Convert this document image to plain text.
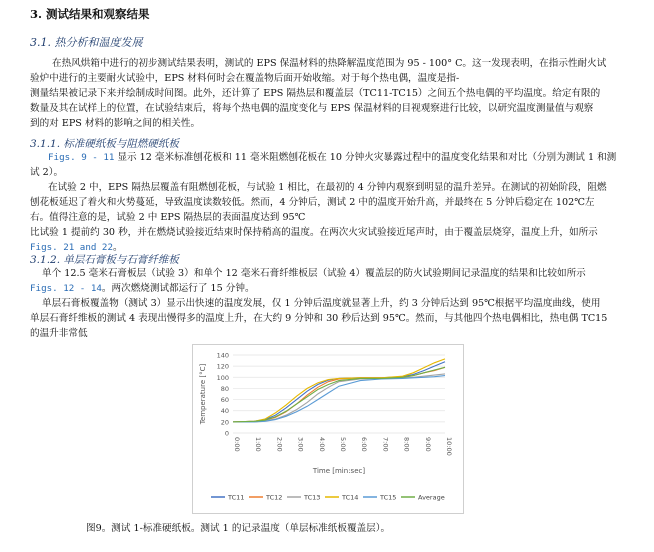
3. 测试结果和观察结果
3.1. 热分析和温度发展
在热风烘箱中进行的初步测试结果表明，测试的 EPS 保温材料的热降解温度范围为 95 - 100° C。这一发现表明，在指示性耐火试
验炉中进行的主要耐火试验中，EPS 材料何时会在覆盖物后面开始收缩。对于每个热电偶，温度是指-
测量结果被记录下来并绘制成时间图。此外，还计算了 EPS 隔热层和覆盖层（TC11-TC15）之间五个热电偶的平均温度。给定有限的
数量及其在试样上的位置，在试验结束后，将每个热电偶的温度变化与 EPS 保温材料的目视观察进行比较，以研究温度测量值与观察
到的对 EPS 材料的影响之间的相关性。
3.1.1. 标准硬纸板与阻燃硬纸板
Figs. 9 - 11 显示 12 毫米标准刨花板和 11 毫米阻燃刨花板在 10 分钟火灾暴露过程中的温度变化结果和对比（分别为测试 1 和测
试 2）。
在试验 2 中，EPS 隔热层覆盖有阻燃刨花板，与试验 1 相比，在最初的 4 分钟内观察到明显的温升差异。在测试的初始阶段，阻燃
刨花板延迟了着火和火势蔓延，导致温度读数较低。然而，4 分钟后，测试 2 中的温度开始升高，并最终在 5 分钟后稳定在 102℃左
右。值得注意的是，试验 2 中 EPS 隔热层的表面温度达到 95℃
比试验 1 提前约 30 秒，并在燃烧试验接近结束时保持稍高的温度。在两次火灾试验接近尾声时，由于覆盖层烧穿，温度上升，如所示
Figs. 21 and 22。
3.1.2. 单层石膏板与石膏纤维板
单个 12.5 毫米石膏板层（试验 3）和单个 12 毫米石膏纤维板层（试验 4）覆盖层的防火试验期间记录温度的结果和比较如所示
Figs. 12 - 14。两次燃烧测试都运行了 15 分钟。
单层石膏板覆盖物（测试 3）显示出快速的温度发展，仅 1 分钟后温度就显著上升，约 3 分钟后达到 95℃根据平均温度曲线，使用
单层石膏纤维板的测试 4 表现出慢得多的温度上升，在大约 9 分钟和 30 秒后达到 95℃。然而，与其他四个热电偶相比，热电偶 TC15
的温升非常低
0
20
40
60
80
100
120
140
0:00 1:00 2:00 3:00 4:00 5:00 6:00 7:00 8:00 9:00 10:00
Temperature [°C]
Time [min:sec]
TC11	TC12	TC13	TC14	TC15	Average
图9。测试 1-标准硬纸板。测试 1 的记录温度（单层标准纸板覆盖层）。
